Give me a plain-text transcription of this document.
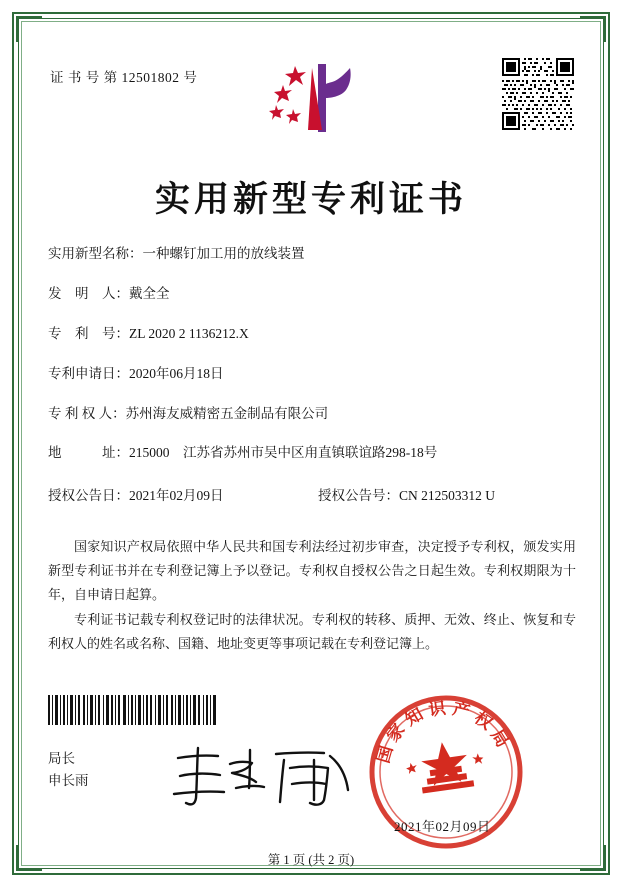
证 书 号 第 12501802 号
实用新型专利证书
实用新型名称：一种螺钉加工用的放线装置
发　明　人：戴全全
专　利　号：ZL 2020 2 1136212.X
专利申请日：2020年06月18日
专 利 权 人：苏州海友威精密五金制品有限公司
地　　　址：215000　江苏省苏州市吴中区甪直镇联谊路298-18号
授权公告日：2021年02月09日	授权公告号：CN 212503312 U
国家知识产权局依照中华人民共和国专利法经过初步审查，决定授予专利权，颁发实用新型专利证书并在专利登记簿上予以登记。专利权自授权公告之日起生效。专利权期限为十年，自申请日起算。
专利证书记载专利权登记时的法律状况。专利权的转移、质押、无效、终止、恢复和专利权人的姓名或名称、国籍、地址变更等事项记载在专利登记簿上。
局长
申长雨
国
家
知 识 产
权
局
2021年02月09日
第 1 页 (共 2 页)
